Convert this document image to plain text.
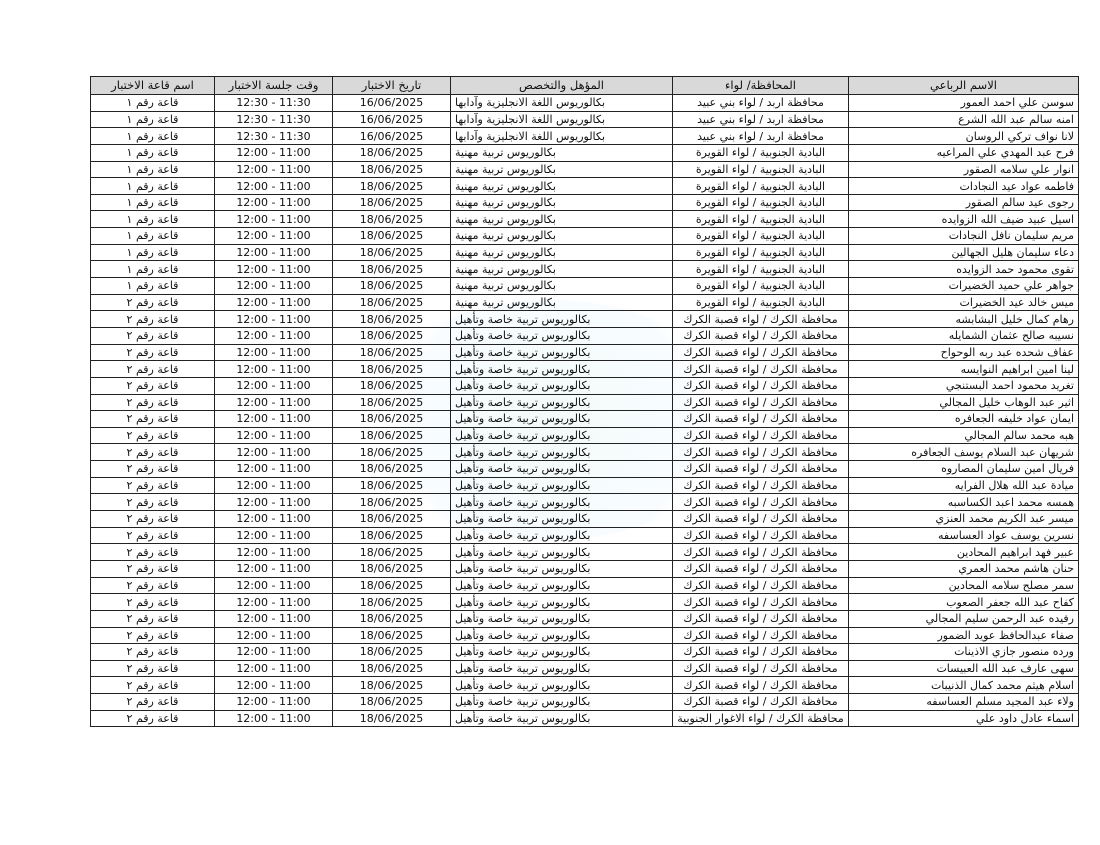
الاسم الرباعي	المحافظة/ لواء	المؤهل والتخصص	تاريخ الاختبار	وقت جلسة الاختبار	اسم قاعة الاختبار
سوسن علي احمد العمور	محافظة اربد / لواء بني عبيد	بكالوريوس اللغة الانجليزية وآدابها	16/06/2025	12:30 - 11:30	قاعة رقم ١
امنه سالم عبد الله الشرع	محافظة اربد / لواء بني عبيد	بكالوريوس اللغة الانجليزية وآدابها	16/06/2025	12:30 - 11:30	قاعة رقم ١
لانا نواف تركي الروسان	محافظة اربد / لواء بني عبيد	بكالوريوس اللغة الانجليزية وآدابها	16/06/2025	12:30 - 11:30	قاعة رقم ١
فرح عبد المهدي علي المراعيه	البادية الجنوبية / لواء القويرة	بكالوريوس تربية مهنية	18/06/2025	12:00 - 11:00	قاعة رقم ١
انوار علي سلامه الصقور	البادية الجنوبية / لواء القويرة	بكالوريوس تربية مهنية	18/06/2025	12:00 - 11:00	قاعة رقم ١
فاطمه عواد عيد النجادات	البادية الجنوبية / لواء القويرة	بكالوريوس تربية مهنية	18/06/2025	12:00 - 11:00	قاعة رقم ١
رجوى عيد سالم الصقور	البادية الجنوبية / لواء القويرة	بكالوريوس تربية مهنية	18/06/2025	12:00 - 11:00	قاعة رقم ١
اسيل عبيد ضيف الله الزوايده	البادية الجنوبية / لواء القويرة	بكالوريوس تربية مهنية	18/06/2025	12:00 - 11:00	قاعة رقم ١
مريم سليمان نافل النجادات	البادية الجنوبية / لواء القويرة	بكالوريوس تربية مهنية	18/06/2025	12:00 - 11:00	قاعة رقم ١
دعاء سليمان هليل الجهالين	البادية الجنوبية / لواء القويرة	بكالوريوس تربية مهنية	18/06/2025	12:00 - 11:00	قاعة رقم ١
تقوى محمود حمد الزوايده	البادية الجنوبية / لواء القويرة	بكالوريوس تربية مهنية	18/06/2025	12:00 - 11:00	قاعة رقم ١
جواهر علي حميد الخضيرات	البادية الجنوبية / لواء القويرة	بكالوريوس تربية مهنية	18/06/2025	12:00 - 11:00	قاعة رقم ١
ميس خالد عيد الخضيرات	البادية الجنوبية / لواء القويرة	بكالوريوس تربية مهنية	18/06/2025	12:00 - 11:00	قاعة رقم ٢
رهام كمال خليل البشابشه	محافظة الكرك / لواء قصبة الكرك	بكالوريوس تربية خاصة وتأهيل	18/06/2025	12:00 - 11:00	قاعة رقم ٢
نسيبه صالح عثمان الشمايله	محافظة الكرك / لواء قصبة الكرك	بكالوريوس تربية خاصة وتأهيل	18/06/2025	12:00 - 11:00	قاعة رقم ٢
عفاف شحده عبد ربه الوحواح	محافظة الكرك / لواء قصبة الكرك	بكالوريوس تربية خاصة وتأهيل	18/06/2025	12:00 - 11:00	قاعة رقم ٢
لينا امين ابراهيم النوايسه	محافظة الكرك / لواء قصبة الكرك	بكالوريوس تربية خاصة وتأهيل	18/06/2025	12:00 - 11:00	قاعة رقم ٢
تغريد محمود احمد البستنجي	محافظة الكرك / لواء قصبة الكرك	بكالوريوس تربية خاصة وتأهيل	18/06/2025	12:00 - 11:00	قاعة رقم ٢
اثير عبد الوهاب خليل المجالي	محافظة الكرك / لواء قصبة الكرك	بكالوريوس تربية خاصة وتأهيل	18/06/2025	12:00 - 11:00	قاعة رقم ٢
ايمان عواد خليفه الجعافره	محافظة الكرك / لواء قصبة الكرك	بكالوريوس تربية خاصة وتأهيل	18/06/2025	12:00 - 11:00	قاعة رقم ٢
هبه محمد سالم المجالي	محافظة الكرك / لواء قصبة الكرك	بكالوريوس تربية خاصة وتأهيل	18/06/2025	12:00 - 11:00	قاعة رقم ٢
شريهان عبد السلام يوسف الجعافره	محافظة الكرك / لواء قصبة الكرك	بكالوريوس تربية خاصة وتأهيل	18/06/2025	12:00 - 11:00	قاعة رقم ٢
فريال امين سليمان المصاروه	محافظة الكرك / لواء قصبة الكرك	بكالوريوس تربية خاصة وتأهيل	18/06/2025	12:00 - 11:00	قاعة رقم ٢
ميادة عبد الله هلال الفرايه	محافظة الكرك / لواء قصبة الكرك	بكالوريوس تربية خاصة وتأهيل	18/06/2025	12:00 - 11:00	قاعة رقم ٢
همسه محمد اعبد الكساسبه	محافظة الكرك / لواء قصبة الكرك	بكالوريوس تربية خاصة وتأهيل	18/06/2025	12:00 - 11:00	قاعة رقم ٢
ميسر عبد الكريم محمد العنزي	محافظة الكرك / لواء قصبة الكرك	بكالوريوس تربية خاصة وتأهيل	18/06/2025	12:00 - 11:00	قاعة رقم ٢
نسرين يوسف عواد العساسفه	محافظة الكرك / لواء قصبة الكرك	بكالوريوس تربية خاصة وتأهيل	18/06/2025	12:00 - 11:00	قاعة رقم ٢
عبير فهد ابراهيم المحادين	محافظة الكرك / لواء قصبة الكرك	بكالوريوس تربية خاصة وتأهيل	18/06/2025	12:00 - 11:00	قاعة رقم ٢
حنان هاشم محمد العمري	محافظة الكرك / لواء قصبة الكرك	بكالوريوس تربية خاصة وتأهيل	18/06/2025	12:00 - 11:00	قاعة رقم ٢
سمر مصلح سلامه المحادين	محافظة الكرك / لواء قصبة الكرك	بكالوريوس تربية خاصة وتأهيل	18/06/2025	12:00 - 11:00	قاعة رقم ٢
كفاح عبد الله جعفر الصعوب	محافظة الكرك / لواء قصبة الكرك	بكالوريوس تربية خاصة وتأهيل	18/06/2025	12:00 - 11:00	قاعة رقم ٢
رفيده عبد الرحمن سليم المجالي	محافظة الكرك / لواء قصبة الكرك	بكالوريوس تربية خاصة وتأهيل	18/06/2025	12:00 - 11:00	قاعة رقم ٢
صفاء عبدالحافظ عويد الضمور	محافظة الكرك / لواء قصبة الكرك	بكالوريوس تربية خاصة وتأهيل	18/06/2025	12:00 - 11:00	قاعة رقم ٢
ورده منصور جازي الاذينات	محافظة الكرك / لواء قصبة الكرك	بكالوريوس تربية خاصة وتأهيل	18/06/2025	12:00 - 11:00	قاعة رقم ٢
سهى عارف عبد الله العبيسات	محافظة الكرك / لواء قصبة الكرك	بكالوريوس تربية خاصة وتأهيل	18/06/2025	12:00 - 11:00	قاعة رقم ٢
اسلام هيثم محمد كمال الذنيبات	محافظة الكرك / لواء قصبة الكرك	بكالوريوس تربية خاصة وتأهيل	18/06/2025	12:00 - 11:00	قاعة رقم ٢
ولاء عبد المجيد مسلم العساسفه	محافظة الكرك / لواء قصبة الكرك	بكالوريوس تربية خاصة وتأهيل	18/06/2025	12:00 - 11:00	قاعة رقم ٢
اسماء عادل داود علي	محافظة الكرك / لواء الاغوار الجنوبية	بكالوريوس تربية خاصة وتأهيل	18/06/2025	12:00 - 11:00	قاعة رقم ٢
